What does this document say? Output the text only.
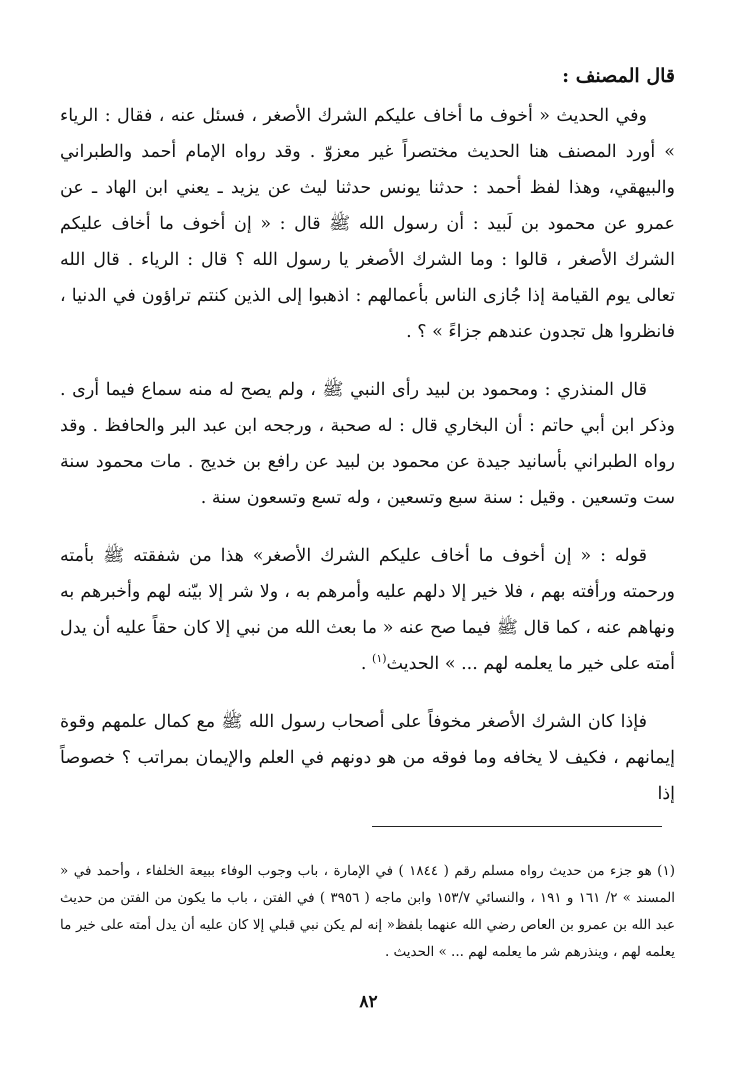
قال المصنف :

وفي الحديث « أخوف ما أخاف عليكم الشرك الأصغر ، فسئل عنه ، فقال : الرياء » أورد المصنف هنا الحديث مختصراً غير معزوّ . وقد رواه الإمام أحمد والطبراني والبيهقي، وهذا لفظ أحمد : حدثنا يونس حدثنا ليث عن يزيد ـ يعني ابن الهاد ـ عن عمرو عن محمود بن لَبيد : أن رسول الله ﷺ قال : « إن أخوف ما أخاف عليكم الشرك الأصغر ، قالوا : وما الشرك الأصغر يا رسول الله ؟ قال : الرياء . قال الله تعالى يوم القيامة إذا جُازى الناس بأعمالهم : اذهبوا إلى الذين كنتم تراؤون في الدنيا ، فانظروا هل تجدون عندهم جزاءً » ؟ .

قال المنذري : ومحمود بن لبيد رأى النبي ﷺ ، ولم يصح له منه سماع فيما أرى . وذكر ابن أبي حاتم : أن البخاري قال : له صحبة ، ورجحه ابن عبد البر والحافظ . وقد رواه الطبراني بأسانيد جيدة عن محمود بن لبيد عن رافع بن خديج . مات محمود سنة ست وتسعين . وقيل : سنة سبع وتسعين ، وله تسع وتسعون سنة .

قوله : « إن أخوف ما أخاف عليكم الشرك الأصغر» هذا من شفقته ﷺ بأمته ورحمته ورأفته بهم ، فلا خير إلا دلهم عليه وأمرهم به ، ولا شر إلا بيّنه لهم وأخبرهم به ونهاهم عنه ، كما قال ﷺ فيما صح عنه « ما بعث الله من نبي إلا كان حقاً عليه أن يدل أمته على خير ما يعلمه لهم ... » الحديث$^{(١)}$ .

فإذا كان الشرك الأصغر مخوفاً على أصحاب رسول الله ﷺ مع كمال علمهم وقوة إيمانهم ، فكيف لا يخافه وما فوقه من هو دونهم في العلم والإيمان بمراتب ؟ خصوصاً إذا

(١) هو جزء من حديث رواه مسلم رقم ( ١٨٤٤ ) في الإمارة ، باب وجوب الوفاء ببيعة الخلفاء ، وأحمد في « المسند » ٢/ ١٦١ و ١٩١ ، والنسائي ١٥٣/٧ وابن ماجه ( ٣٩٥٦ ) في الفتن ، باب ما يكون من الفتن من حديث عبد الله بن عمرو بن العاص رضي الله عنهما بلفظ« إنه لم يكن نبي قبلي إلا كان عليه أن يدل أمته على خير ما يعلمه لهم ، وينذرهم شر ما يعلمه لهم ... » الحديث .

٨٢
